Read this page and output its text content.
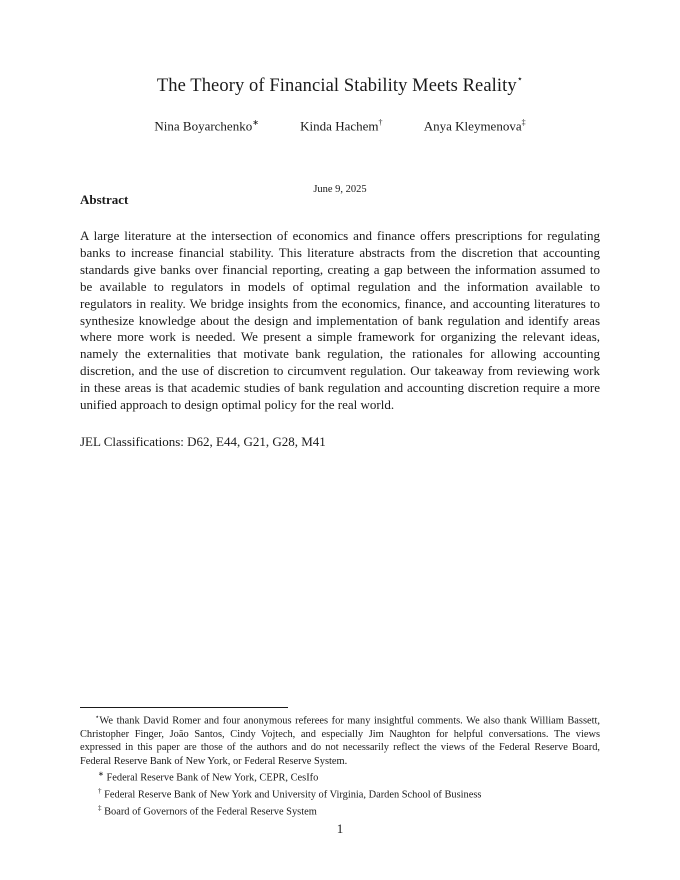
The Theory of Financial Stability Meets Reality⋆
Nina Boyarchenko∗	Kinda Hachem†	Anya Kleymenova‡
June 9, 2025
Abstract
A large literature at the intersection of economics and finance offers prescriptions for regulating banks to increase financial stability. This literature abstracts from the discretion that accounting standards give banks over financial reporting, creating a gap between the information assumed to be available to regulators in models of optimal regulation and the information available to regulators in reality. We bridge insights from the economics, finance, and accounting literatures to synthesize knowledge about the design and implementation of bank regulation and identify areas where more work is needed. We present a simple framework for organizing the relevant ideas, namely the externalities that motivate bank regulation, the rationales for allowing accounting discretion, and the use of discretion to circumvent regulation. Our takeaway from reviewing work in these areas is that academic studies of bank regulation and accounting discretion require a more unified approach to design optimal policy for the real world.
JEL Classifications: D62, E44, G21, G28, M41
⋆We thank David Romer and four anonymous referees for many insightful comments. We also thank William Bassett, Christopher Finger, João Santos, Cindy Vojtech, and especially Jim Naughton for helpful conversations. The views expressed in this paper are those of the authors and do not necessarily reflect the views of the Federal Reserve Board, Federal Reserve Bank of New York, or Federal Reserve System.
∗ Federal Reserve Bank of New York, CEPR, CesIfo
† Federal Reserve Bank of New York and University of Virginia, Darden School of Business
‡ Board of Governors of the Federal Reserve System
1
